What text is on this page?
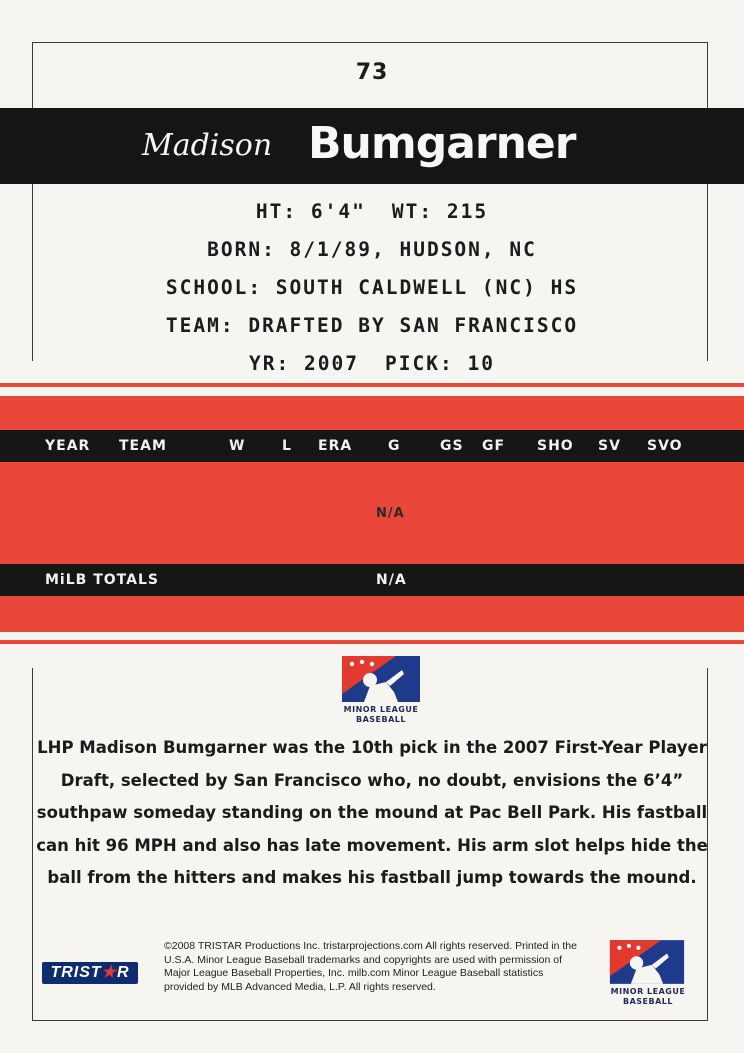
73
Madison Bumgarner
HT: 6'4" WT: 215
BORN: 8/1/89, HUDSON, NC
SCHOOL: SOUTH CALDWELL (NC) HS
TEAM: DRAFTED BY SAN FRANCISCO
YR: 2007 PICK: 10
YEAR TEAM	W	L ERA	G	GS GF SHO SV SVO
N/A
MiLB TOTALS	N/A
MINOR LEAGUE
BASEBALL
LHP Madison Bumgarner was the 10th pick in the 2007 First-Year Player Draft, selected by San Francisco who, no doubt, envisions the 6’4” southpaw someday standing on the mound at Pac Bell Park. His fastball can hit 96 MPH and also has late movement. His arm slot helps hide the ball from the hitters and makes his fastball jump towards the mound.
TRIST★R
©2008 TRISTAR Productions Inc. tristarprojections.com All rights reserved. Printed in the U.S.A. Minor League Baseball trademarks and copyrights are used with permission of Major League Baseball Properties, Inc. milb.com Minor League Baseball statistics provided by MLB Advanced Media, L.P. All rights reserved.	MINOR LEAGUE
BASEBALL
